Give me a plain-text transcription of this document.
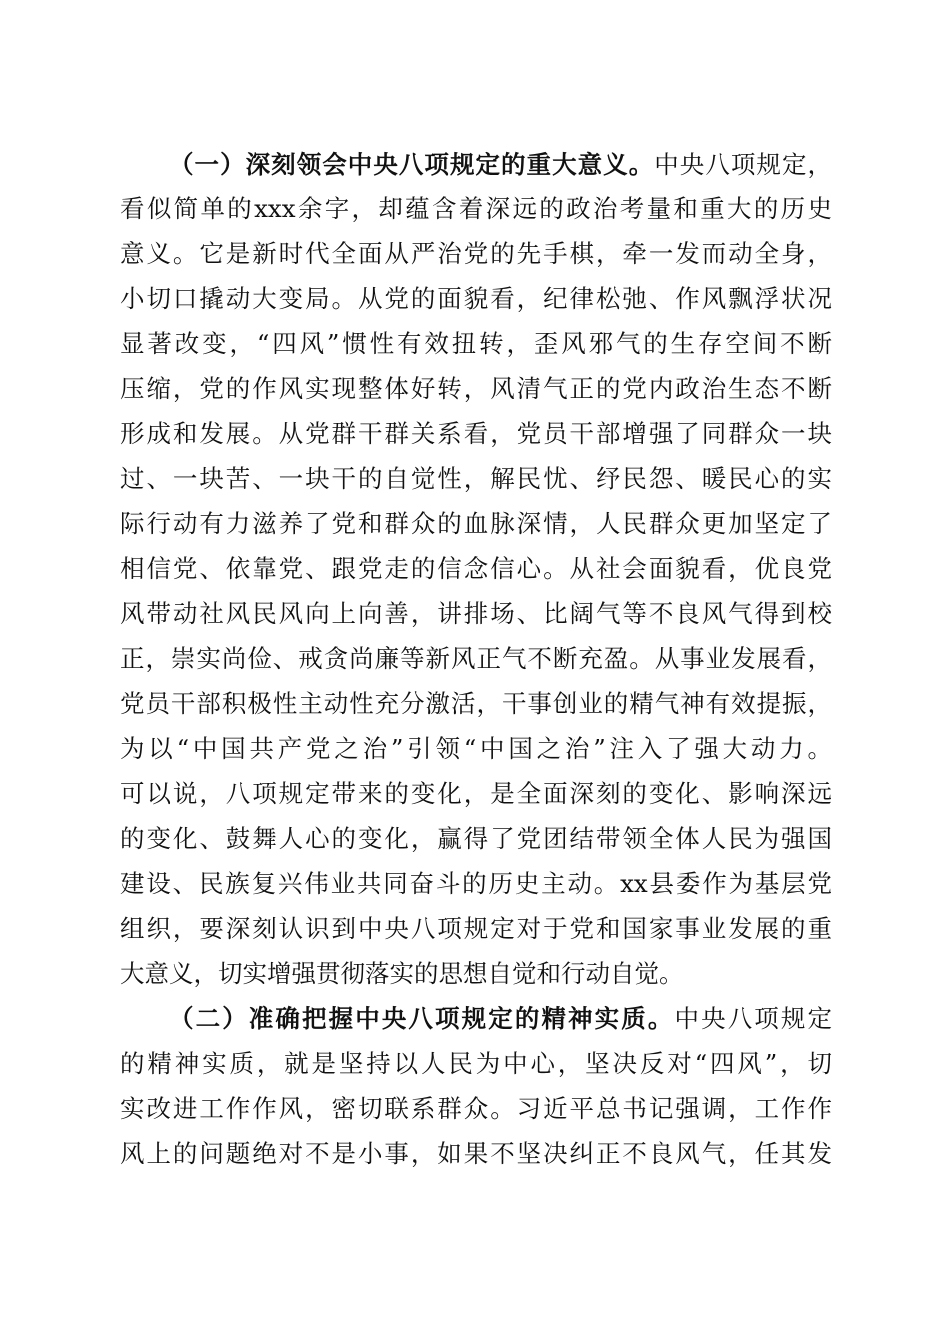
（一）深刻领会中央八项规定的重大意义。中央八项规定，
看似简单的xxx余字，却蕴含着深远的政治考量和重大的历史
意义。它是新时代全面从严治党的先手棋，牵一发而动全身，
小切口撬动大变局。从党的面貌看，纪律松弛、作风飘浮状况
显著改变，“四风”惯性有效扭转，歪风邪气的生存空间不断
压缩，党的作风实现整体好转，风清气正的党内政治生态不断
形成和发展。从党群干群关系看，党员干部增强了同群众一块
过、一块苦、一块干的自觉性，解民忧、纾民怨、暖民心的实
际行动有力滋养了党和群众的血脉深情，人民群众更加坚定了
相信党、依靠党、跟党走的信念信心。从社会面貌看，优良党
风带动社风民风向上向善，讲排场、比阔气等不良风气得到校
正，崇实尚俭、戒贪尚廉等新风正气不断充盈。从事业发展看，
党员干部积极性主动性充分激活，干事创业的精气神有效提振，
为以“中国共产党之治”引领“中国之治”注入了强大动力。
可以说，八项规定带来的变化，是全面深刻的变化、影响深远
的变化、鼓舞人心的变化，赢得了党团结带领全体人民为强国
建设、民族复兴伟业共同奋斗的历史主动。xx县委作为基层党
组织，要深刻认识到中央八项规定对于党和国家事业发展的重
大意义，切实增强贯彻落实的思想自觉和行动自觉。
（二）准确把握中央八项规定的精神实质。中央八项规定
的精神实质，就是坚持以人民为中心，坚决反对“四风”，切
实改进工作作风，密切联系群众。习近平总书记强调，工作作
风上的问题绝对不是小事，如果不坚决纠正不良风气，任其发
